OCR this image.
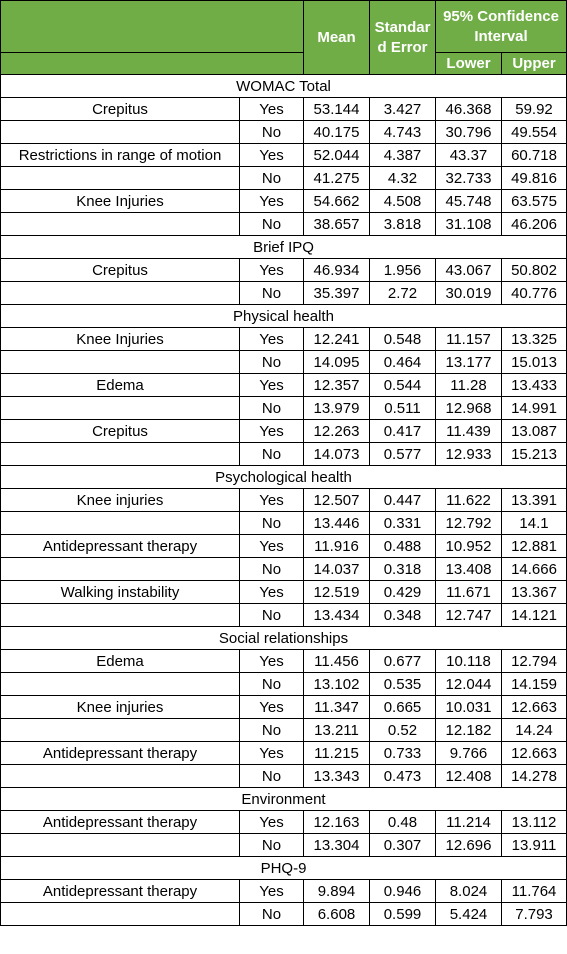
		Mean	Standard Error	95% Confidence Interval	
				Lower	Upper
WOMAC Total					
Crepitus	Yes	53.144	3.427	46.368	59.92
	No	40.175	4.743	30.796	49.554
Restrictions in range of motion	Yes	52.044	4.387	43.37	60.718
	No	41.275	4.32	32.733	49.816
Knee Injuries	Yes	54.662	4.508	45.748	63.575
	No	38.657	3.818	31.108	46.206
Brief IPQ					
Crepitus	Yes	46.934	1.956	43.067	50.802
	No	35.397	2.72	30.019	40.776
Physical health					
Knee Injuries	Yes	12.241	0.548	11.157	13.325
	No	14.095	0.464	13.177	15.013
Edema	Yes	12.357	0.544	11.28	13.433
	No	13.979	0.511	12.968	14.991
Crepitus	Yes	12.263	0.417	11.439	13.087
	No	14.073	0.577	12.933	15.213
Psychological health					
Knee injuries	Yes	12.507	0.447	11.622	13.391
	No	13.446	0.331	12.792	14.1
Antidepressant therapy	Yes	11.916	0.488	10.952	12.881
	No	14.037	0.318	13.408	14.666
Walking instability	Yes	12.519	0.429	11.671	13.367
	No	13.434	0.348	12.747	14.121
Social relationships					
Edema	Yes	11.456	0.677	10.118	12.794
	No	13.102	0.535	12.044	14.159
Knee injuries	Yes	11.347	0.665	10.031	12.663
	No	13.211	0.52	12.182	14.24
Antidepressant therapy	Yes	11.215	0.733	9.766	12.663
	No	13.343	0.473	12.408	14.278
Environment					
Antidepressant therapy	Yes	12.163	0.48	11.214	13.112
	No	13.304	0.307	12.696	13.911
PHQ-9					
Antidepressant therapy	Yes	9.894	0.946	8.024	11.764
	No	6.608	0.599	5.424	7.793
